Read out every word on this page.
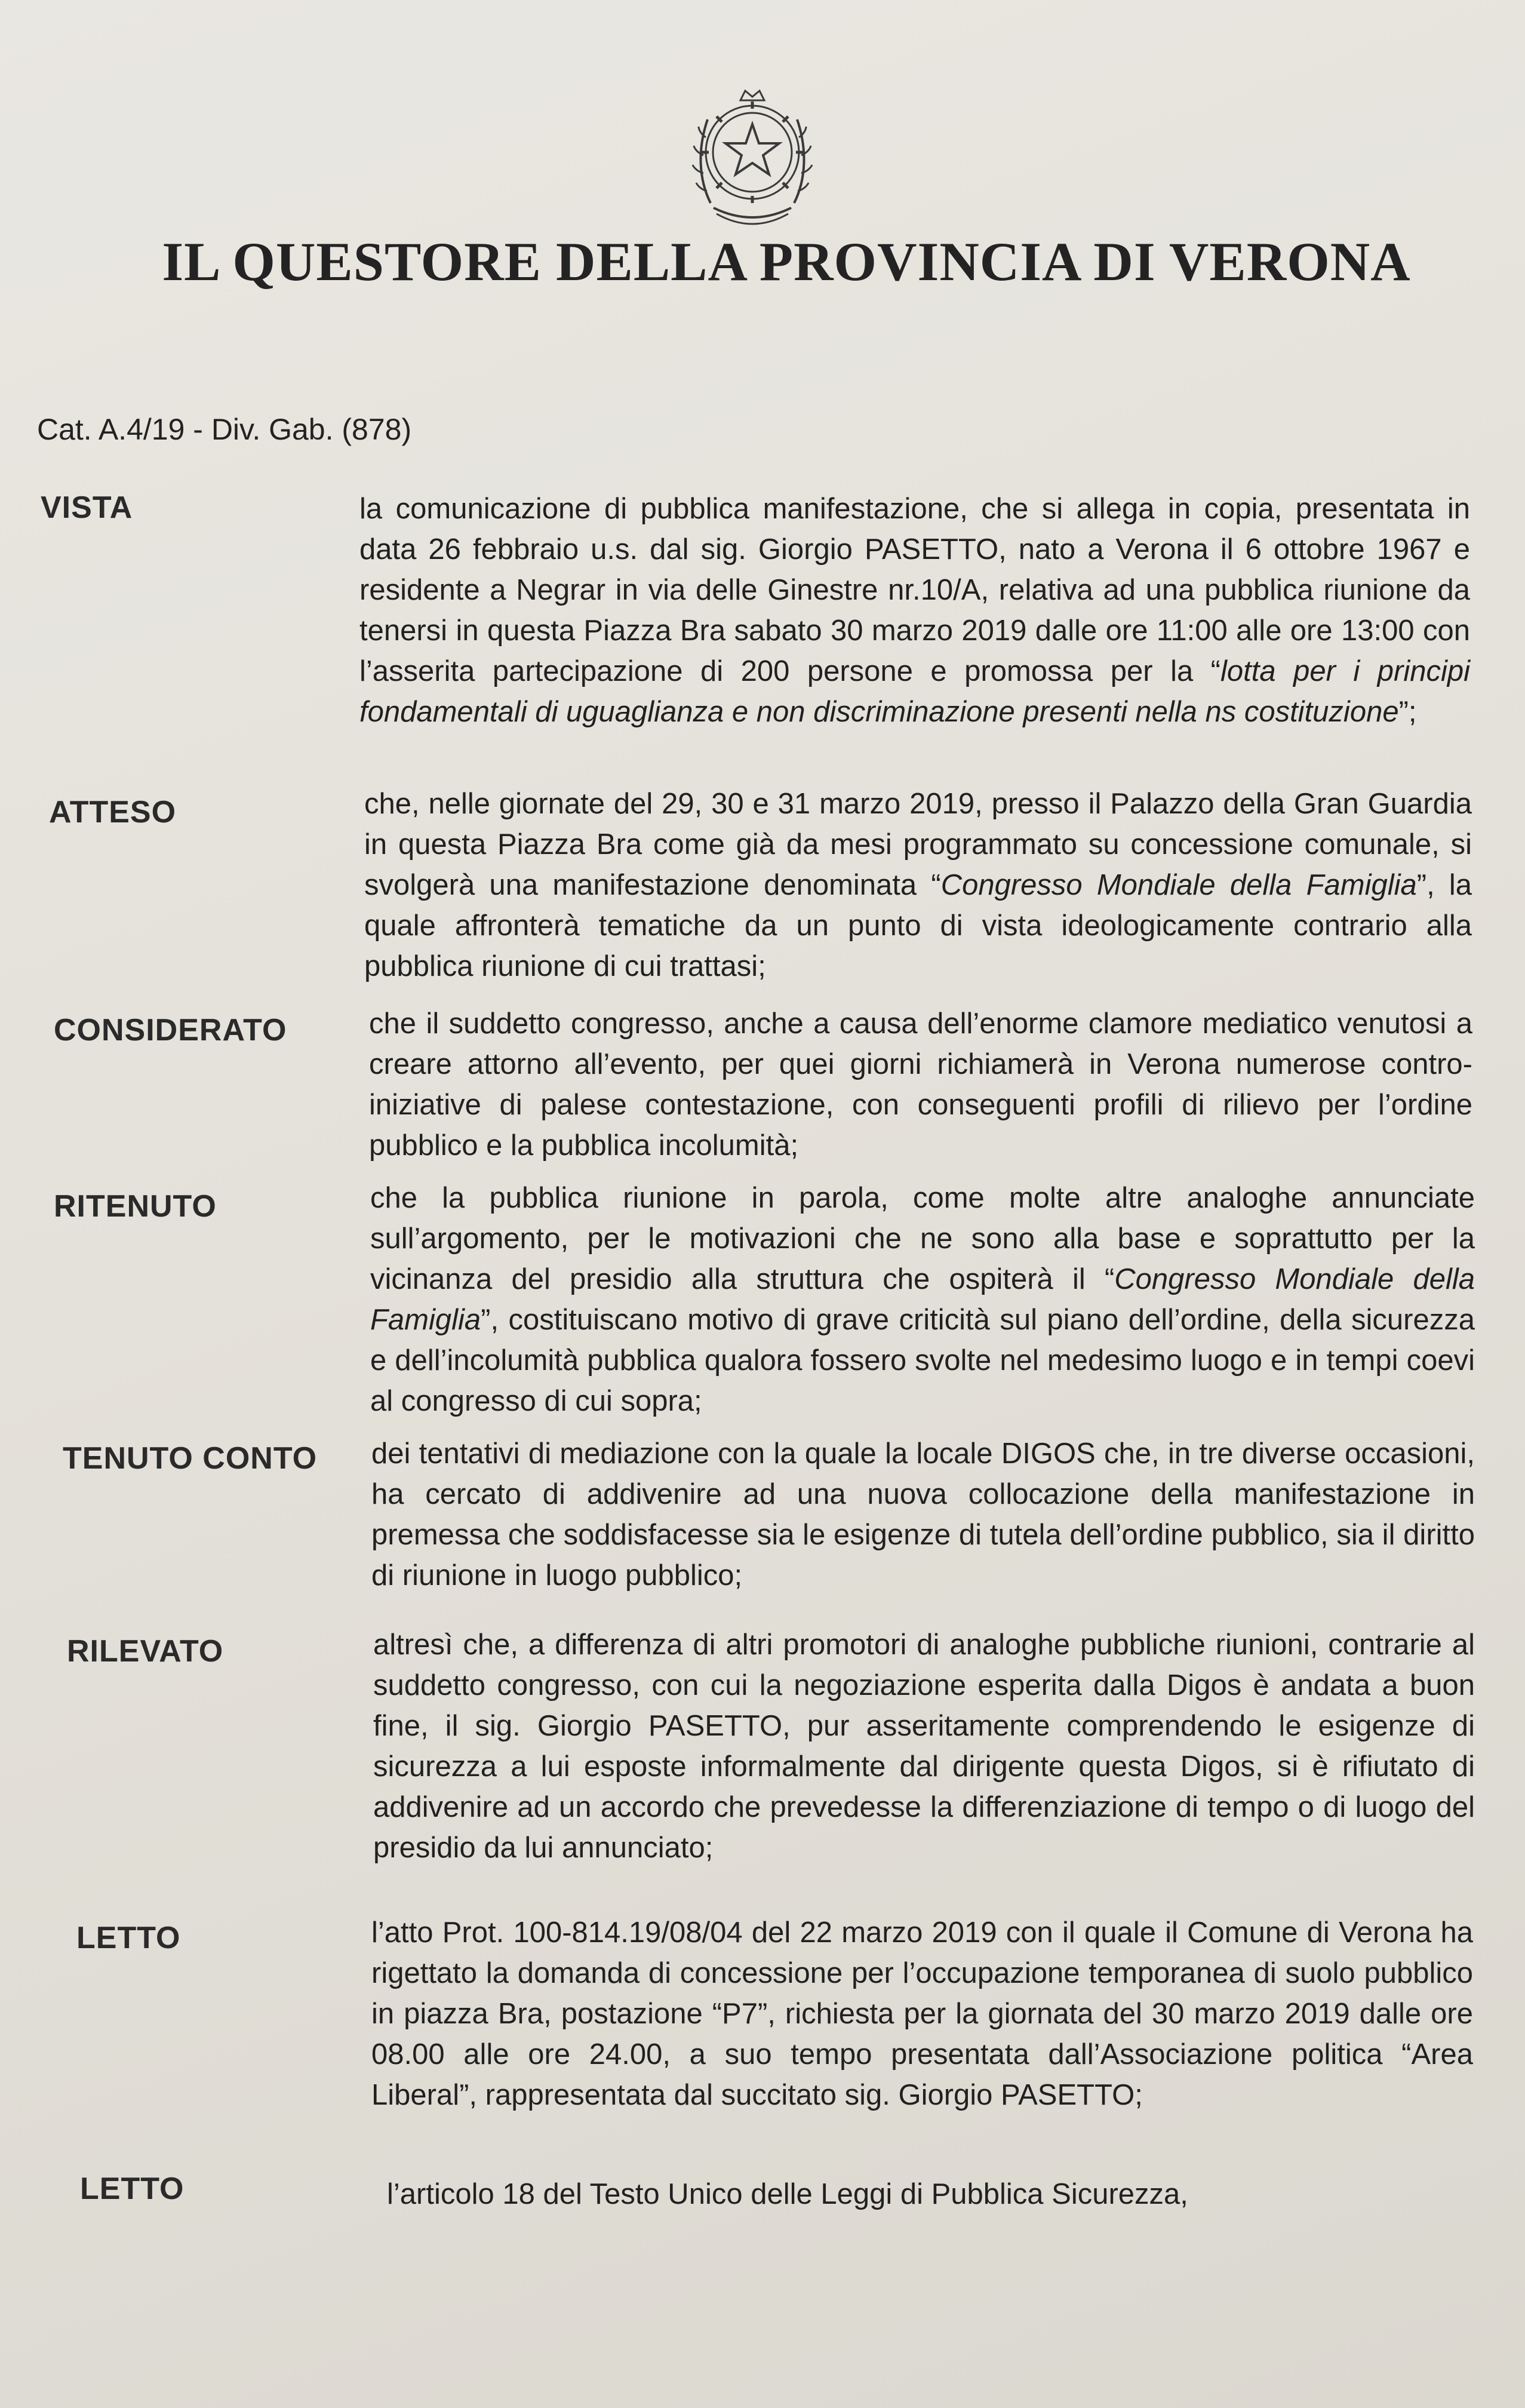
IL QUESTORE DELLA PROVINCIA DI VERONA
Cat. A.4/19 - Div. Gab. (878)
VISTA	la comunicazione di pubblica manifestazione, che si allega in copia, presentata in data 26 febbraio u.s. dal sig. Giorgio PASETTO, nato a Verona il 6 ottobre 1967 e residente a Negrar in via delle Ginestre nr.10/A, relativa ad una pubblica riunione da tenersi in questa Piazza Bra sabato 30 marzo 2019 dalle ore 11:00 alle ore 13:00 con l’asserita partecipazione di 200 persone e promossa per la “lotta per i principi fondamentali di uguaglianza e non discriminazione presenti nella ns costituzione”;
ATTESO	che, nelle giornate del 29, 30 e 31 marzo 2019, presso il Palazzo della Gran Guardia in questa Piazza Bra come già da mesi programmato su concessione comunale, si svolgerà una manifestazione denominata “Congresso Mondiale della Famiglia”, la quale affronterà tematiche da un punto di vista ideologicamente contrario alla pubblica riunione di cui trattasi;
CONSIDERATO	che il suddetto congresso, anche a causa dell’enorme clamore mediatico venutosi a creare attorno all’evento, per quei giorni richiamerà in Verona numerose contro-iniziative di palese contestazione, con conseguenti profili di rilievo per l’ordine pubblico e la pubblica incolumità;
RITENUTO	che la pubblica riunione in parola, come molte altre analoghe annunciate sull’argomento, per le motivazioni che ne sono alla base e soprattutto per la vicinanza del presidio alla struttura che ospiterà il “Congresso Mondiale della Famiglia”, costituiscano motivo di grave criticità sul piano dell’ordine, della sicurezza e dell’incolumità pubblica qualora fossero svolte nel medesimo luogo e in tempi coevi al congresso di cui sopra;
TENUTO CONTO dei tentativi di mediazione con la quale la locale DIGOS che, in tre diverse occasioni, ha cercato di addivenire ad una nuova collocazione della manifestazione in premessa che soddisfacesse sia le esigenze di tutela dell’ordine pubblico, sia il diritto di riunione in luogo pubblico;
RILEVATO	altresì che, a differenza di altri promotori di analoghe pubbliche riunioni, contrarie al suddetto congresso, con cui la negoziazione esperita dalla Digos è andata a buon fine, il sig. Giorgio PASETTO, pur asseritamente comprendendo le esigenze di sicurezza a lui esposte informalmente dal dirigente questa Digos, si è rifiutato di addivenire ad un accordo che prevedesse la differenziazione di tempo o di luogo del presidio da lui annunciato;
LETTO	l’atto Prot. 100-814.19/08/04 del 22 marzo 2019 con il quale il Comune di Verona ha rigettato la domanda di concessione per l’occupazione temporanea di suolo pubblico in piazza Bra, postazione “P7”, richiesta per la giornata del 30 marzo 2019 dalle ore 08.00 alle ore 24.00, a suo tempo presentata dall’Associazione politica “Area Liberal”, rappresentata dal succitato sig. Giorgio PASETTO;
LETTO	l’articolo 18 del Testo Unico delle Leggi di Pubblica Sicurezza,
